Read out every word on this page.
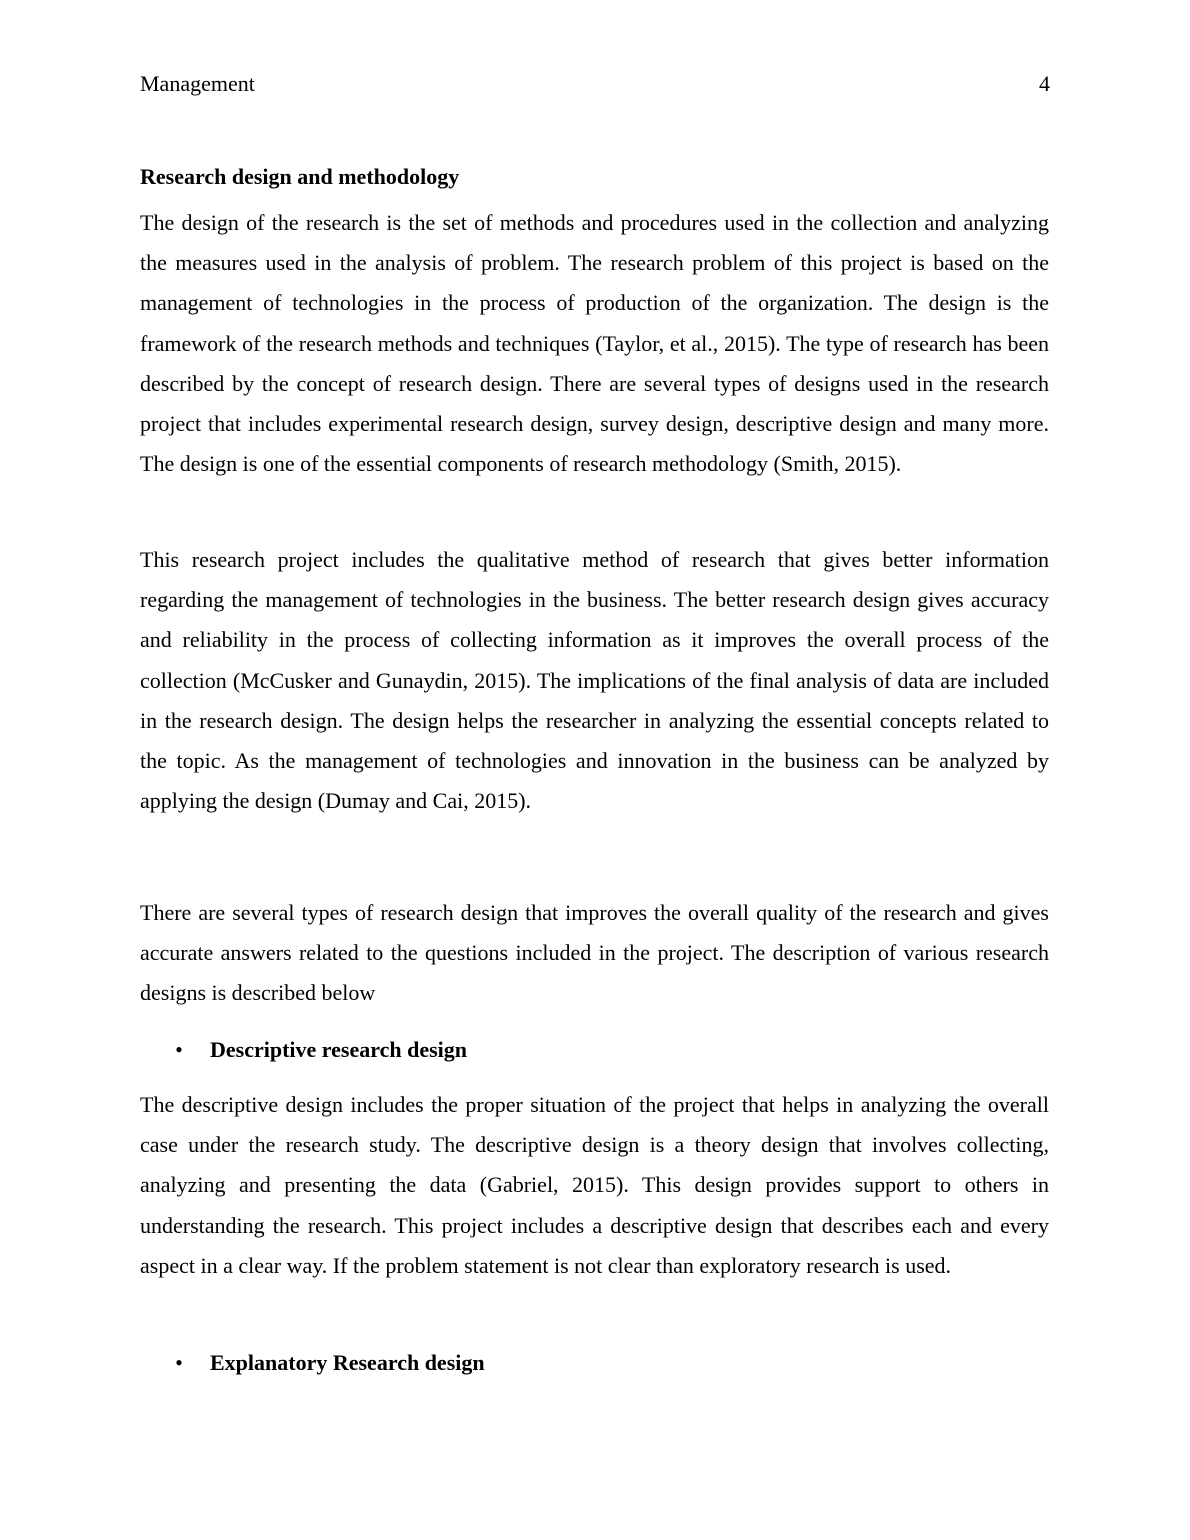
Management	4
Research design and methodology

The design of the research is the set of methods and procedures used in the collection and analyzing the measures used in the analysis of problem. The research problem of this project is based on the management of technologies in the process of production of the organization. The design is the framework of the research methods and techniques (Taylor, et al., 2015). The type of research has been described by the concept of research design. There are several types of designs used in the research project that includes experimental research design, survey design, descriptive design and many more. The design is one of the essential components of research methodology (Smith, 2015).

This research project includes the qualitative method of research that gives better information regarding the management of technologies in the business. The better research design gives accuracy and reliability in the process of collecting information as it improves the overall process of the collection (McCusker and Gunaydin, 2015). The implications of the final analysis of data are included in the research design. The design helps the researcher in analyzing the essential concepts related to the topic. As the management of technologies and innovation in the business can be analyzed by applying the design (Dumay and Cai, 2015).

There are several types of research design that improves the overall quality of the research and gives accurate answers related to the questions included in the project. The description of various research designs is described below

• Descriptive research design

The descriptive design includes the proper situation of the project that helps in analyzing the overall case under the research study. The descriptive design is a theory design that involves collecting, analyzing and presenting the data (Gabriel, 2015). This design provides support to others in understanding the research. This project includes a descriptive design that describes each and every aspect in a clear way. If the problem statement is not clear than exploratory research is used.

• Explanatory Research design
